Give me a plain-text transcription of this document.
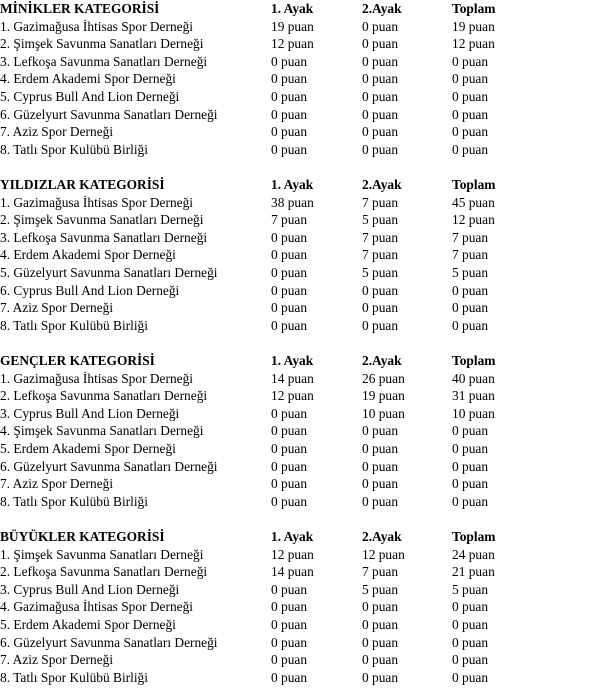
MİNİKLER KATEGORİSİ	1. Ayak	2.Ayak	Toplam
1. Gazimağusa İhtisas Spor Derneği	19 puan	0 puan	19 puan
2. Şimşek Savunma Sanatları Derneği	12 puan	0 puan	12 puan
3. Lefkoşa Savunma Sanatları Derneği	0 puan	0 puan	0 puan
4. Erdem Akademi Spor Derneği	0 puan	0 puan	0 puan
5. Cyprus Bull And Lion Derneği	0 puan	0 puan	0 puan
6. Güzelyurt Savunma Sanatları Derneği	0 puan	0 puan	0 puan
7. Aziz Spor Derneği	0 puan	0 puan	0 puan
8. Tatlı Spor Kulübü Birliği	0 puan	0 puan	0 puan
YILDIZLAR KATEGORİSİ	1. Ayak	2.Ayak	Toplam
1. Gazimağusa İhtisas Spor Derneği	38 puan	7 puan	45 puan
2. Şimşek Savunma Sanatları Derneği	7 puan	5 puan	12 puan
3. Lefkoşa Savunma Sanatları Derneği	0 puan	7 puan	7 puan
4. Erdem Akademi Spor Derneği	0 puan	7 puan	7 puan
5. Güzelyurt Savunma Sanatları Derneği	0 puan	5 puan	5 puan
6. Cyprus Bull And Lion Derneği	0 puan	0 puan	0 puan
7. Aziz Spor Derneği	0 puan	0 puan	0 puan
8. Tatlı Spor Kulübü Birliği	0 puan	0 puan	0 puan
GENÇLER KATEGORİSİ	1. Ayak	2.Ayak	Toplam
1. Gazimağusa İhtisas Spor Derneği	14 puan	26 puan	40 puan
2. Lefkoşa Savunma Sanatları Derneği	12 puan	19 puan	31 puan
3. Cyprus Bull And Lion Derneği	0 puan	10 puan	10 puan
4. Şimşek Savunma Sanatları Derneği	0 puan	0 puan	0 puan
5. Erdem Akademi Spor Derneği	0 puan	0 puan	0 puan
6. Güzelyurt Savunma Sanatları Derneği	0 puan	0 puan	0 puan
7. Aziz Spor Derneği	0 puan	0 puan	0 puan
8. Tatlı Spor Kulübü Birliği	0 puan	0 puan	0 puan
BÜYÜKLER KATEGORİSİ	1. Ayak	2.Ayak	Toplam
1. Şimşek Savunma Sanatları Derneği	12 puan	12 puan	24 puan
2. Lefkoşa Savunma Sanatları Derneği	14 puan	7 puan	21 puan
3. Cyprus Bull And Lion Derneği	0 puan	5 puan	5 puan
4. Gazimağusa İhtisas Spor Derneği	0 puan	0 puan	0 puan
5. Erdem Akademi Spor Derneği	0 puan	0 puan	0 puan
6. Güzelyurt Savunma Sanatları Derneği	0 puan	0 puan	0 puan
7. Aziz Spor Derneği	0 puan	0 puan	0 puan
8. Tatlı Spor Kulübü Birliği	0 puan	0 puan	0 puan
